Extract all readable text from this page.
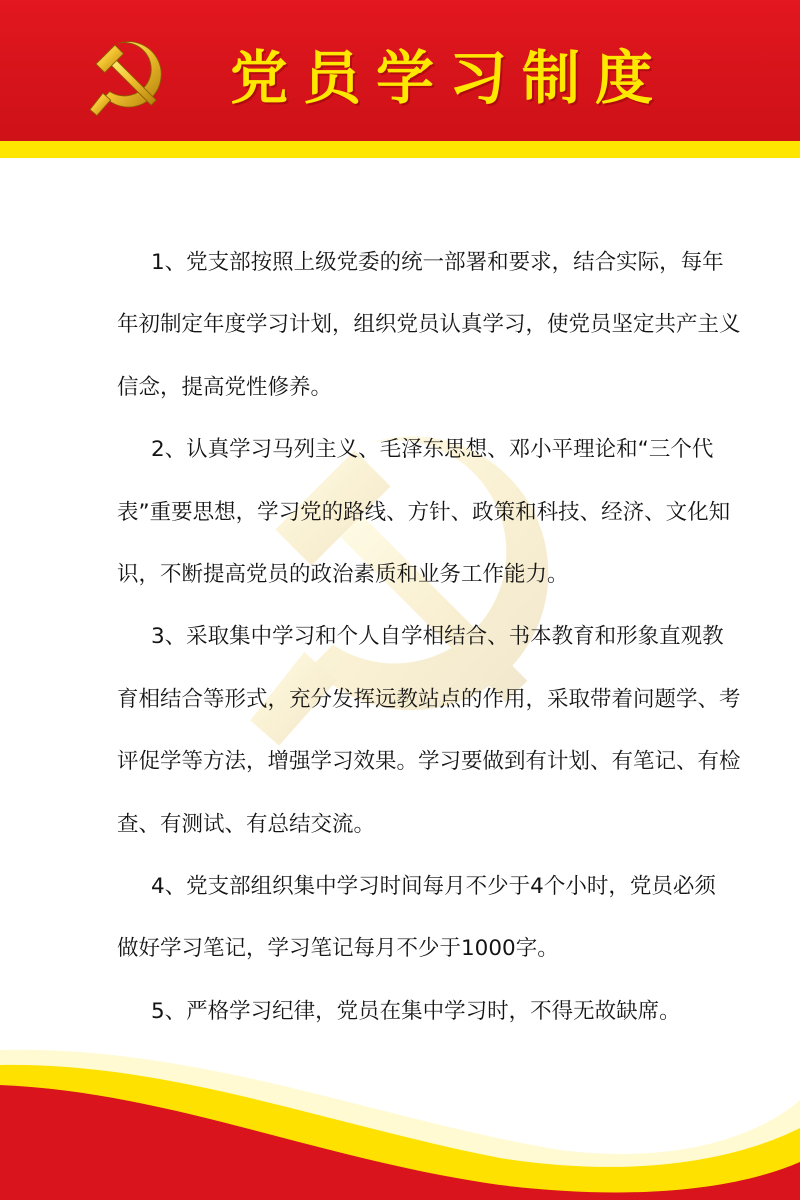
党员学习制度
1、党支部按照上级党委的统一部署和要求，结合实际，每年
年初制定年度学习计划，组织党员认真学习，使党员坚定共产主义
信念，提高党性修养。
2、认真学习马列主义、毛泽东思想、邓小平理论和“三个代
表”重要思想，学习党的路线、方针、政策和科技、经济、文化知
识，不断提高党员的政治素质和业务工作能力。
3、采取集中学习和个人自学相结合、书本教育和形象直观教
育相结合等形式，充分发挥远教站点的作用，采取带着问题学、考
评促学等方法，增强学习效果。学习要做到有计划、有笔记、有检
查、有测试、有总结交流。
4、党支部组织集中学习时间每月不少于4个小时，党员必须
做好学习笔记，学习笔记每月不少于1000字。
5、严格学习纪律，党员在集中学习时，不得无故缺席。
